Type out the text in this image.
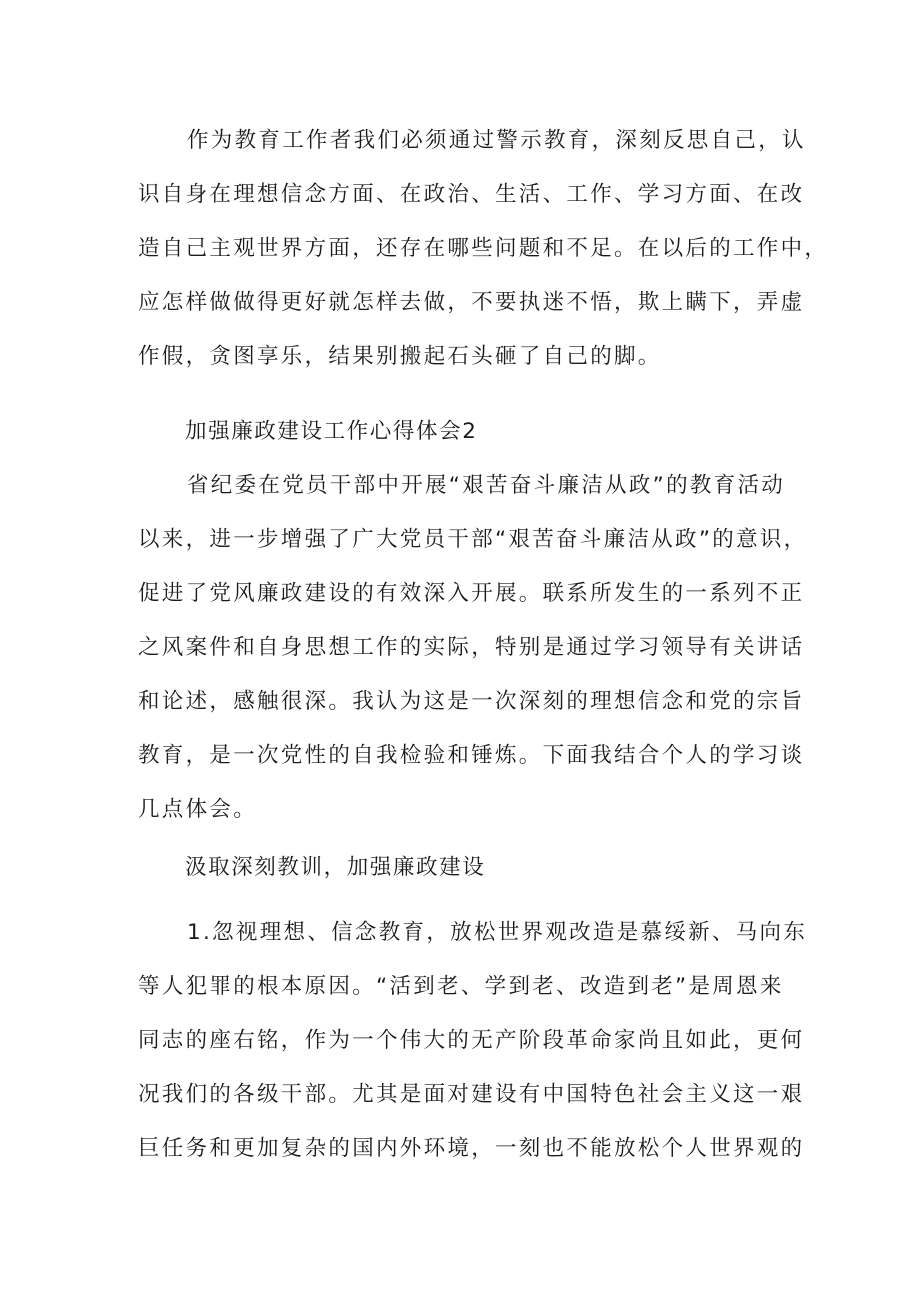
作为教育工作者我们必须通过警示教育，深刻反思自己，认
识自身在理想信念方面、在政治、生活、工作、学习方面、在改
造自己主观世界方面，还存在哪些问题和不足。在以后的工作中，
应怎样做做得更好就怎样去做，不要执迷不悟，欺上瞒下，弄虚
作假，贪图享乐，结果别搬起石头砸了自己的脚。
加强廉政建设工作心得体会2
省纪委在党员干部中开展“艰苦奋斗廉洁从政”的教育活动
以来，进一步增强了广大党员干部“艰苦奋斗廉洁从政”的意识，
促进了党风廉政建设的有效深入开展。联系所发生的一系列不正
之风案件和自身思想工作的实际，特别是通过学习领导有关讲话
和论述，感触很深。我认为这是一次深刻的理想信念和党的宗旨
教育，是一次党性的自我检验和锤炼。下面我结合个人的学习谈
几点体会。
汲取深刻教训，加强廉政建设
1.忽视理想、信念教育，放松世界观改造是慕绥新、马向东
等人犯罪的根本原因。“活到老、学到老、改造到老”是周恩来
同志的座右铭，作为一个伟大的无产阶段革命家尚且如此，更何
况我们的各级干部。尤其是面对建设有中国特色社会主义这一艰
巨任务和更加复杂的国内外环境，一刻也不能放松个人世界观的
